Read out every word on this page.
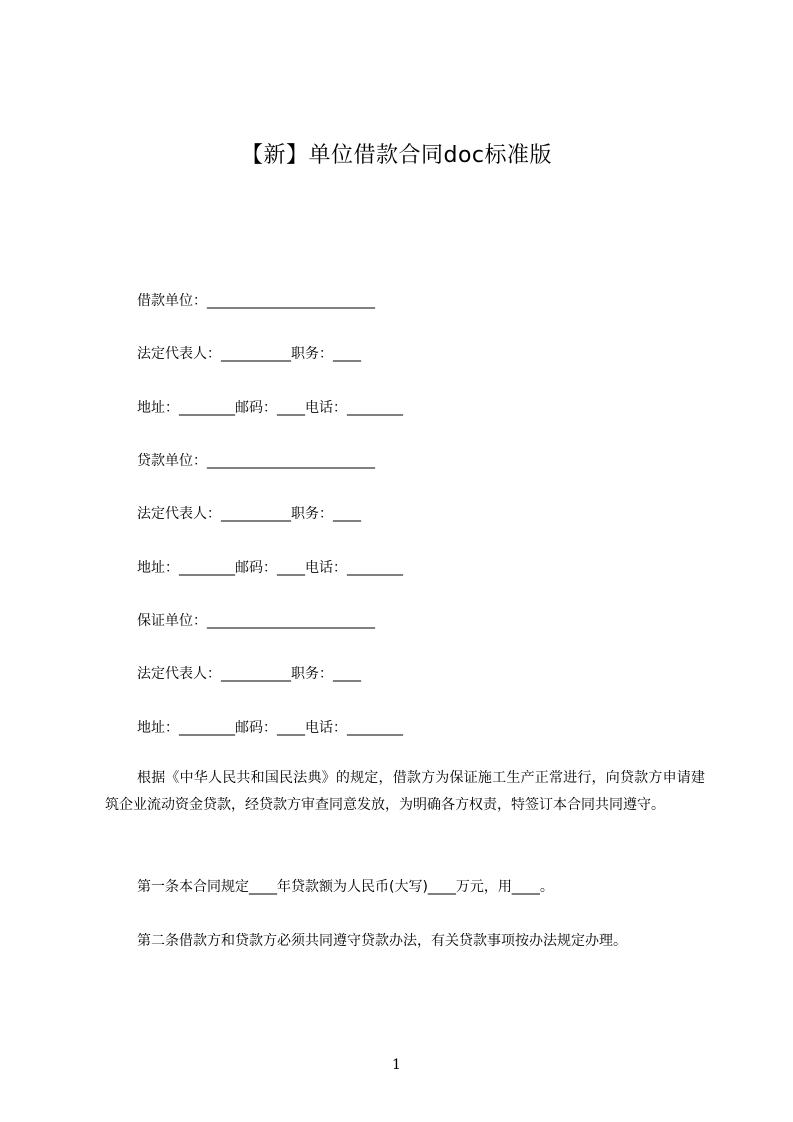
【新】单位借款合同doc标准版

借款单位：________________________

法定代表人：__________职务：____

地址：________邮码：____电话：________

贷款单位：________________________

法定代表人：__________职务：____

地址：________邮码：____电话：________

保证单位：________________________

法定代表人：__________职务：____

地址：________邮码：____电话：________

根据《中华人民共和国民法典》的规定，借款方为保证施工生产正常进行，向贷款方申请建筑企业流动资金贷款，经贷款方审查同意发放，为明确各方权责，特签订本合同共同遵守。

第一条本合同规定____年贷款额为人民币(大写)____万元，用____。

第二条借款方和贷款方必须共同遵守贷款办法，有关贷款事项按办法规定办理。

1
